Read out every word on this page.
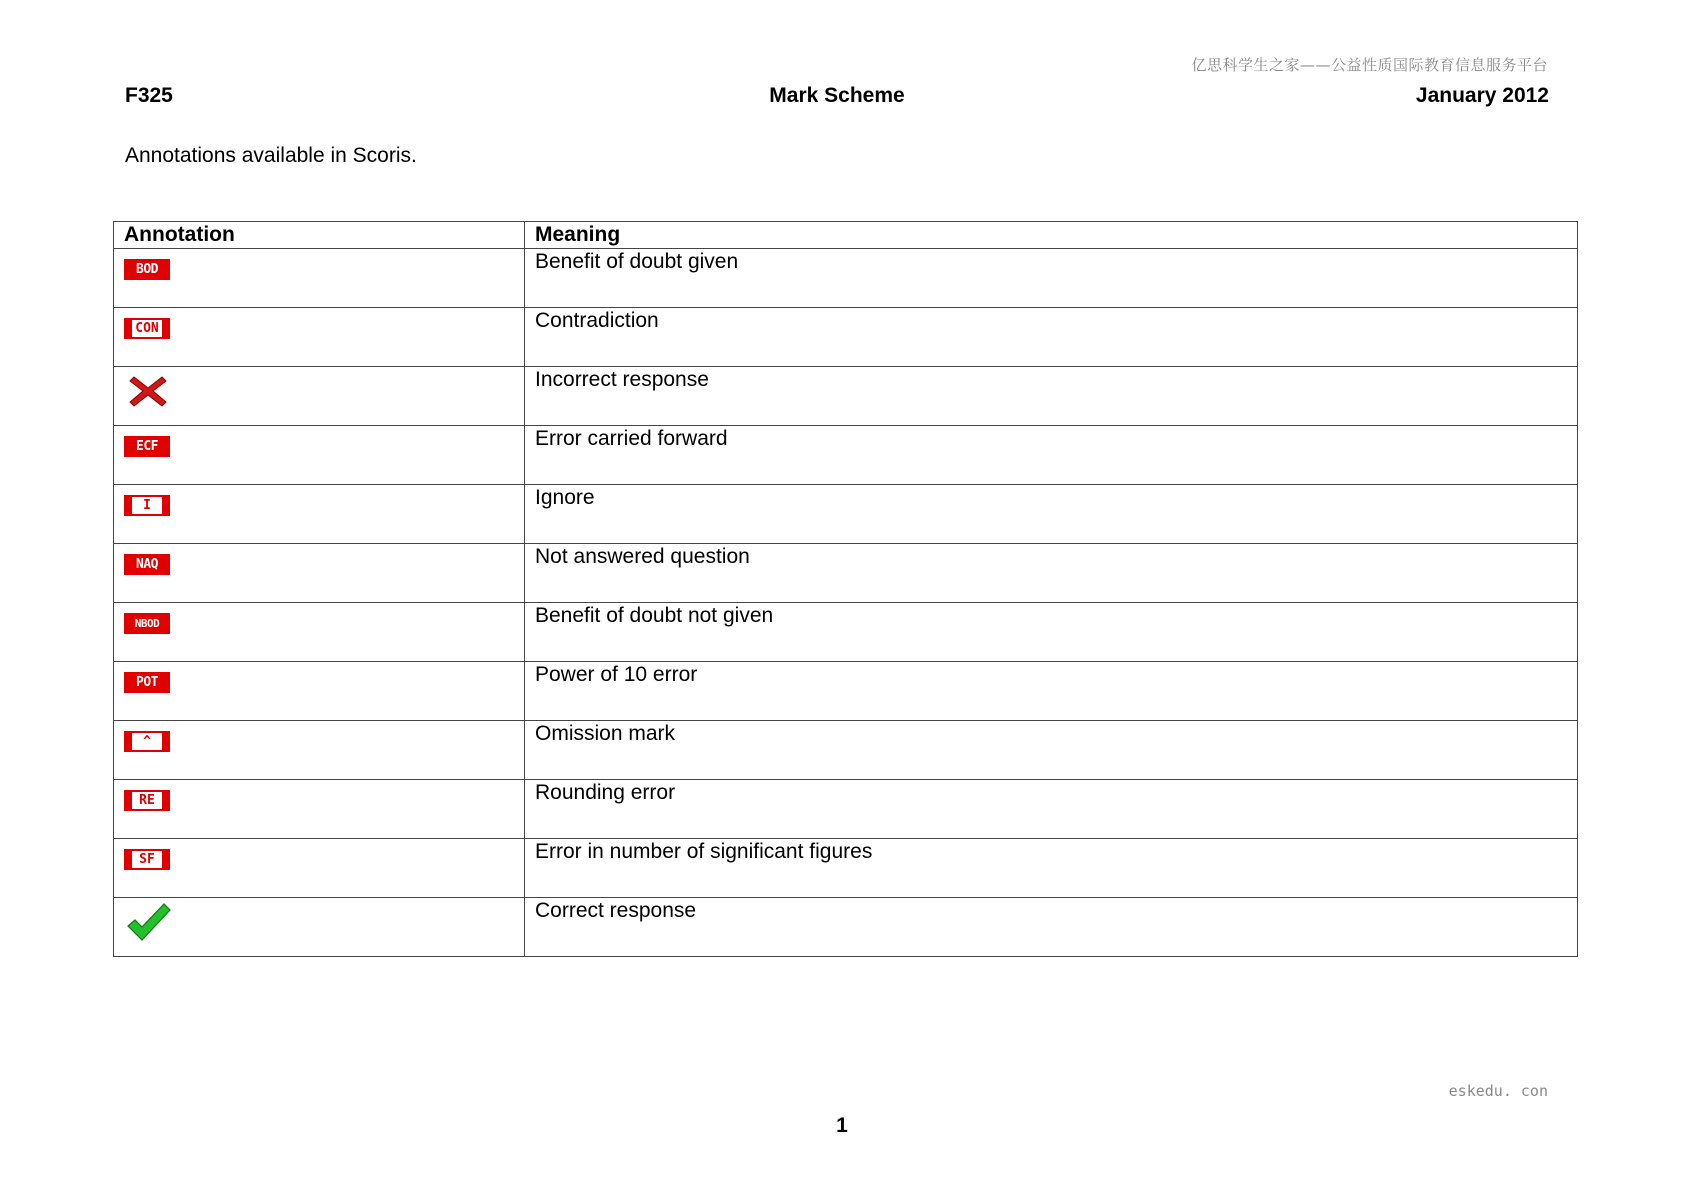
亿思科学生之家——公益性质国际教育信息服务平台
F325	Mark Scheme	January 2012
Annotations available in Scoris.
Annotation	Meaning

BOD	Benefit of doubt given

CON	Contradiction

	Incorrect response

ECF	Error carried forward

I	Ignore

NAQ	Not answered question

NBOD	Benefit of doubt not given

POT	Power of 10 error

^	Omission mark

RE	Rounding error

SF	Error in number of significant figures

	Correct response
eskedu. con
1
